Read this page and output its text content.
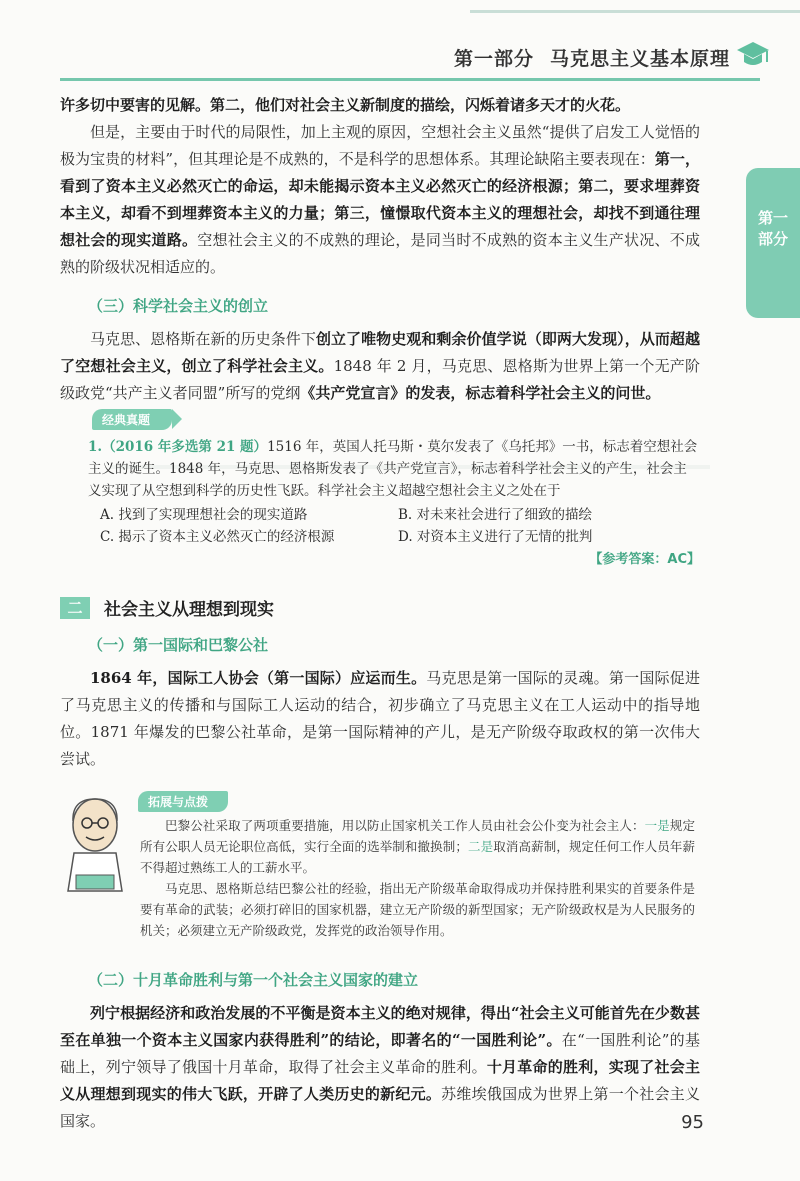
第一部分 马克思主义基本原理
第一
部分

许多切中要害的见解。第二，他们对社会主义新制度的描绘，闪烁着诸多天才的火花。

但是，主要由于时代的局限性，加上主观的原因，空想社会主义虽然“提供了启发工人觉悟的极为宝贵的材料”，但其理论是不成熟的，不是科学的思想体系。其理论缺陷主要表现在：第一，看到了资本主义必然灭亡的命运，却未能揭示资本主义必然灭亡的经济根源；第二，要求埋葬资本主义，却看不到埋葬资本主义的力量；第三，憧憬取代资本主义的理想社会，却找不到通往理想社会的现实道路。空想社会主义的不成熟的理论，是同当时不成熟的资本主义生产状况、不成熟的阶级状况相适应的。

（三）科学社会主义的创立

马克思、恩格斯在新的历史条件下创立了唯物史观和剩余价值学说（即两大发现），从而超越了空想社会主义，创立了科学社会主义。1848 年 2 月，马克思、恩格斯为世界上第一个无产阶级政党“共产主义者同盟”所写的党纲《共产党宣言》的发表，标志着科学社会主义的问世。

经典真题
1.（2016 年多选第 21 题）1516 年，英国人托马斯・莫尔发表了《乌托邦》一书，标志着空想社会主义的诞生。1848 年，马克思、恩格斯发表了《共产党宣言》，标志着科学社会主义的产生，社会主义实现了从空想到科学的历史性飞跃。科学社会主义超越空想社会主义之处在于
A. 找到了实现理想社会的现实道路	B. 对未来社会进行了细致的描绘 C. 揭示了资本主义必然灭亡的经济根源	D. 对资本主义进行了无情的批判
【参考答案：AC】
二	社会主义从理想到现实
（一）第一国际和巴黎公社

1864 年，国际工人协会（第一国际）应运而生。马克思是第一国际的灵魂。第一国际促进了马克思主义的传播和与国际工人运动的结合，初步确立了马克思主义在工人运动中的指导地位。1871 年爆发的巴黎公社革命，是第一国际精神的产儿，是无产阶级夺取政权的第一次伟大尝试。

拓展与点拨

巴黎公社采取了两项重要措施，用以防止国家机关工作人员由社会公仆变为社会主人：一是规定所有公职人员无论职位高低，实行全面的选举制和撤换制；二是取消高薪制，规定任何工作人员年薪不得超过熟练工人的工薪水平。

马克思、恩格斯总结巴黎公社的经验，指出无产阶级革命取得成功并保持胜利果实的首要条件是要有革命的武装；必须打碎旧的国家机器，建立无产阶级的新型国家；无产阶级政权是为人民服务的机关；必须建立无产阶级政党，发挥党的政治领导作用。

（二）十月革命胜利与第一个社会主义国家的建立

列宁根据经济和政治发展的不平衡是资本主义的绝对规律，得出“社会主义可能首先在少数甚至在单独一个资本主义国家内获得胜利”的结论，即著名的“一国胜利论”。在“一国胜利论”的基础上，列宁领导了俄国十月革命，取得了社会主义革命的胜利。十月革命的胜利，实现了社会主义从理想到现实的伟大飞跃，开辟了人类历史的新纪元。苏维埃俄国成为世界上第一个社会主义国家。	95
